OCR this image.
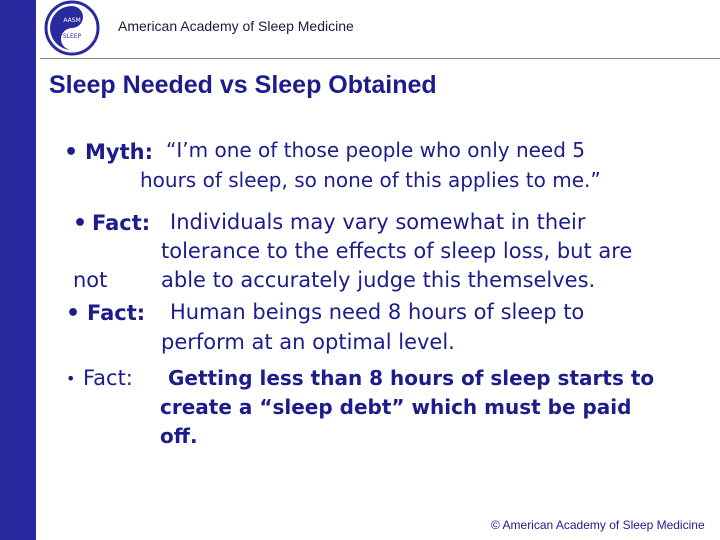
AASM
SLEEP
American Academy of Sleep Medicine
Sleep Needed vs Sleep Obtained
• Myth: “I’m one of those people who only need 5
hours of sleep, so none of this applies to me.”
• Fact: Individuals may vary somewhat in their
tolerance to the effects of sleep loss, but are
not	able to accurately judge this themselves.
• Fact: Human beings need 8 hours of sleep to
perform at an optimal level.
• Fact: Getting less than 8 hours of sleep starts to
create a “sleep debt” which must be paid
off.
© American Academy of Sleep Medicine
